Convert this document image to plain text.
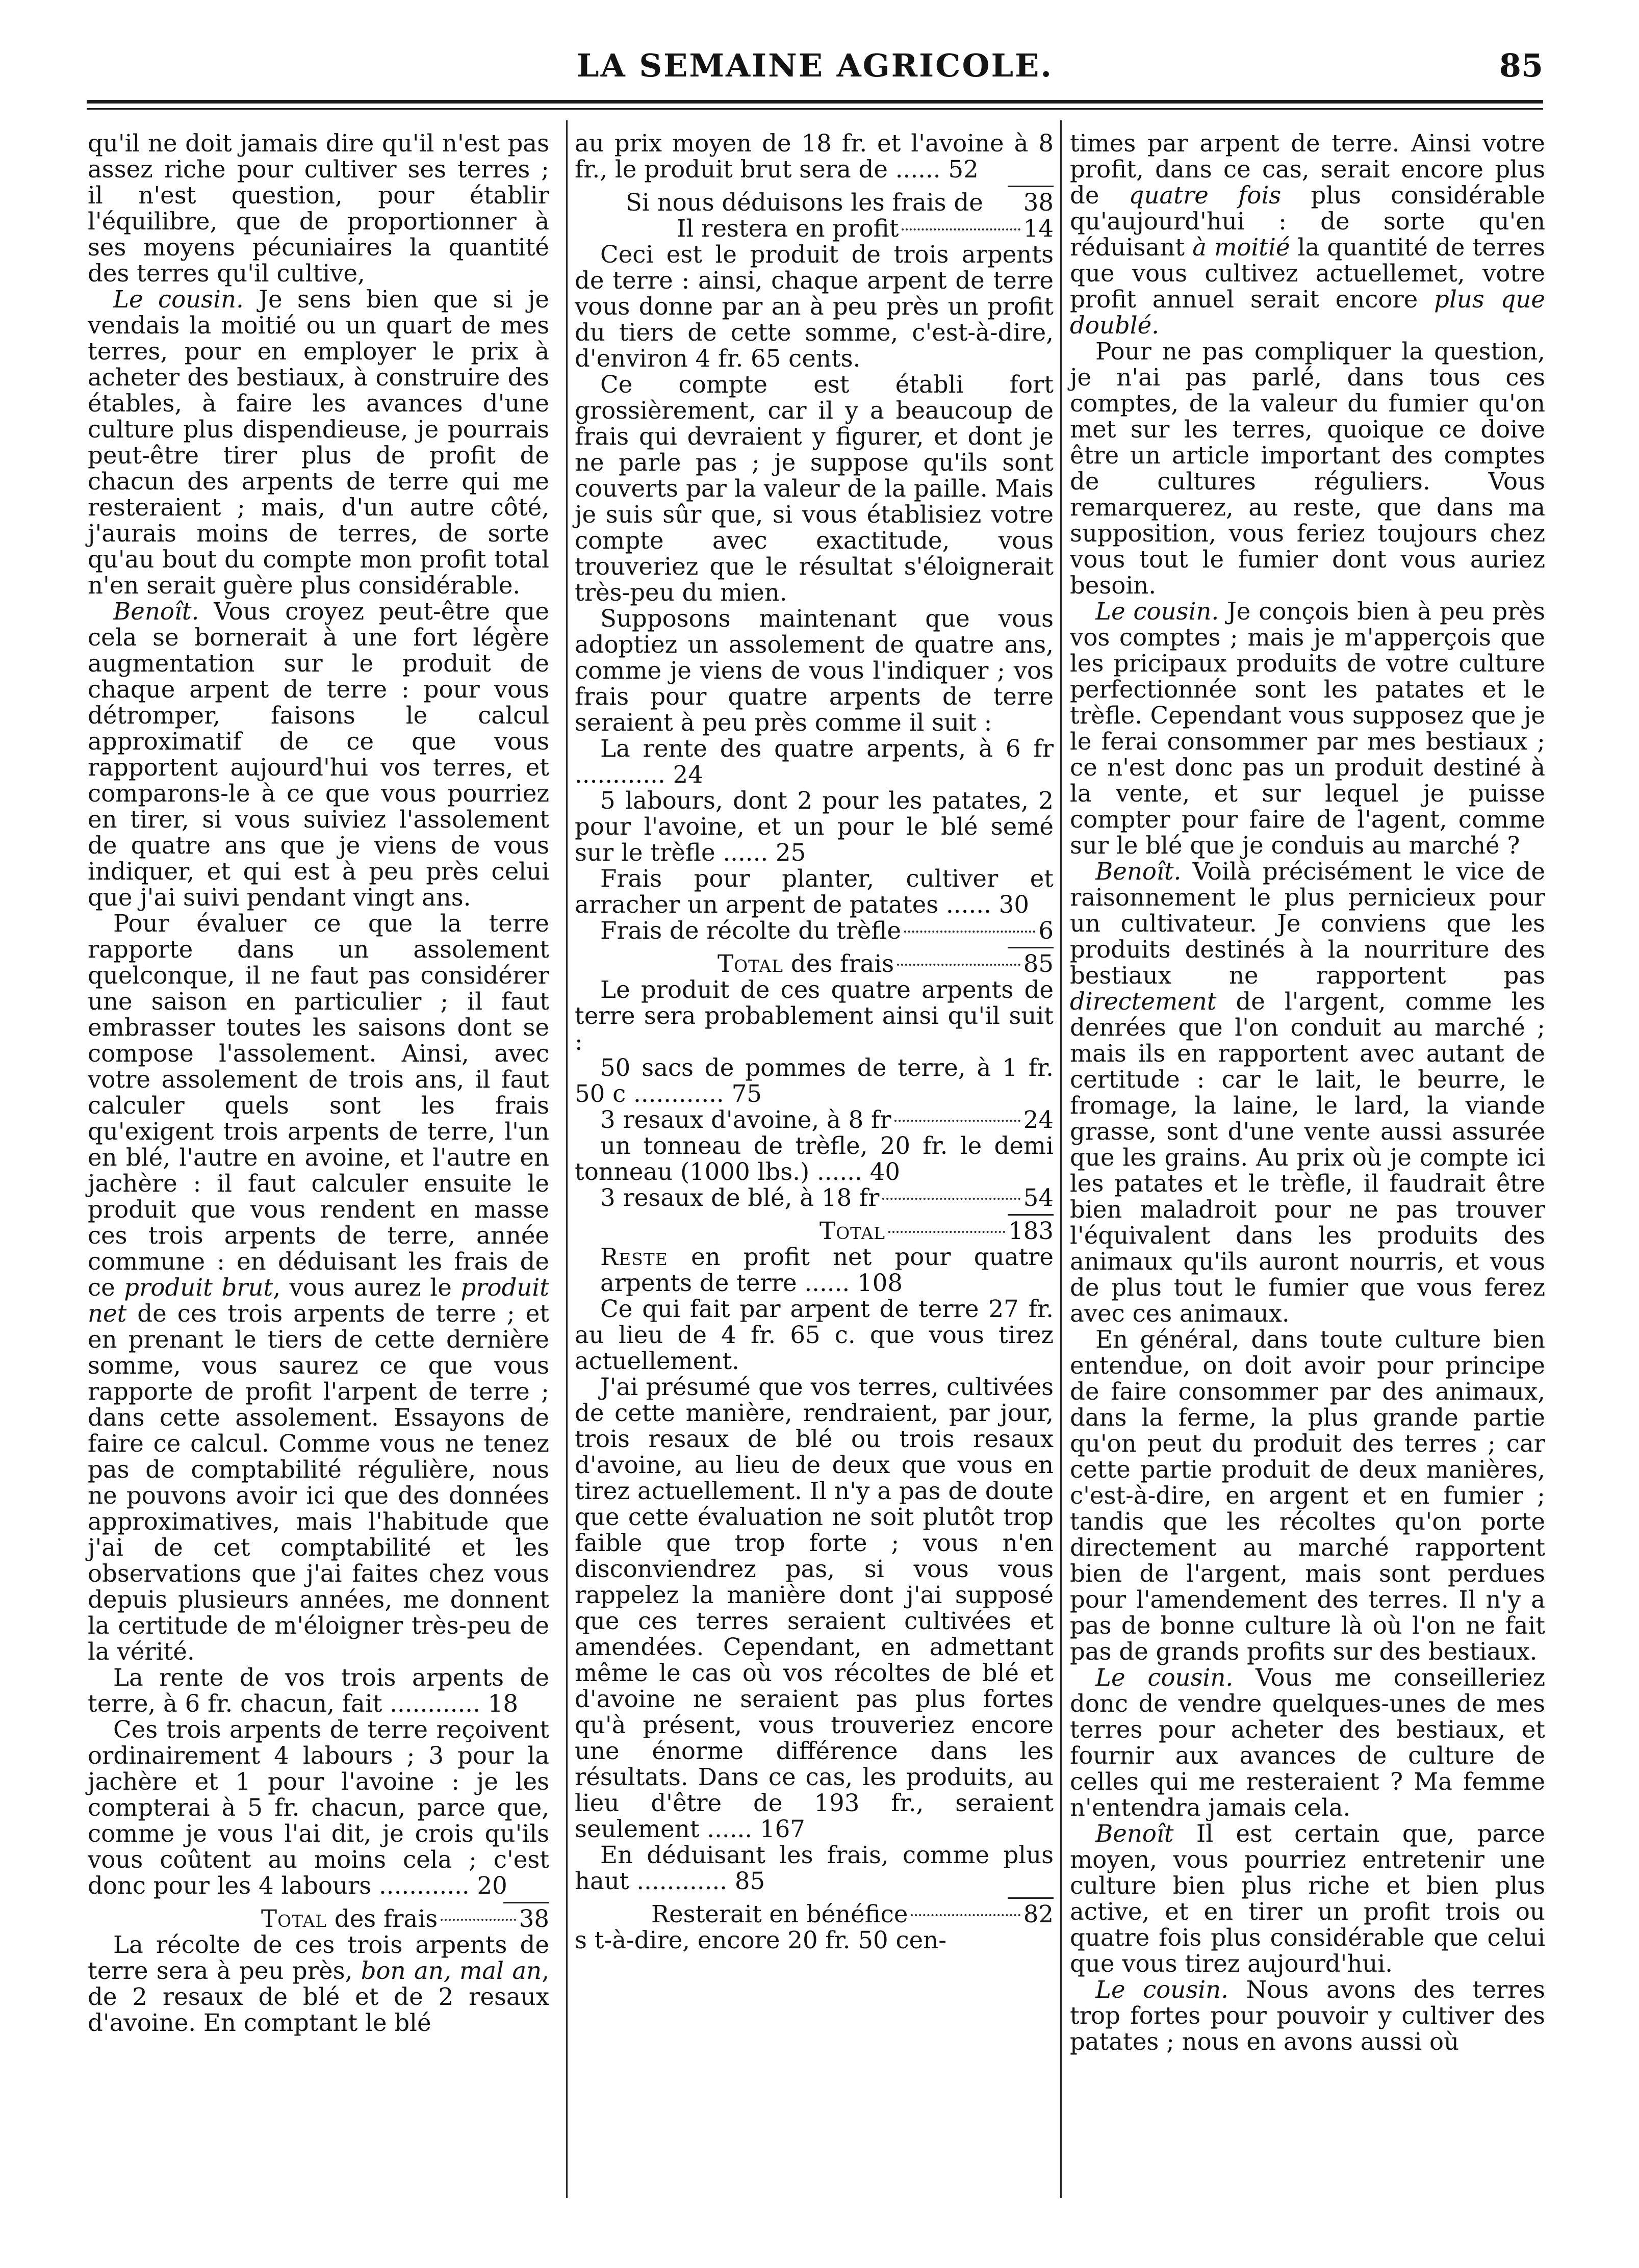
LA SEMAINE AGRICOLE.	85

qu'il ne doit jamais dire qu'il n'est pas assez riche pour cultiver ses terres ; il n'est question, pour établir l'équilibre, que de proportionner à ses moyens pécuniaires la quantité des terres qu'il cultive,

Le cousin. Je sens bien que si je vendais la moitié ou un quart de mes terres, pour en employer le prix à acheter des bestiaux, à construire des étables, à faire les avances d'une culture plus dispendieuse, je pourrais peut-être tirer plus de profit de chacun des arpents de terre qui me resteraient ; mais, d'un autre côté, j'aurais moins de terres, de sorte qu'au bout du compte mon profit total n'en serait guère plus considérable.

Benoît. Vous croyez peut-être que cela se bornerait à une fort légère augmentation sur le produit de chaque arpent de terre : pour vous détromper, faisons le calcul approximatif de ce que vous rapportent aujourd'hui vos terres, et comparons-le à ce que vous pourriez en tirer, si vous suiviez l'assolement de quatre ans que je viens de vous indiquer, et qui est à peu près celui que j'ai suivi pendant vingt ans.

Pour évaluer ce que la terre rapporte dans un assolement quelconque, il ne faut pas considérer une saison en particulier ; il faut embrasser toutes les saisons dont se compose l'assolement. Ainsi, avec votre assolement de trois ans, il faut calculer quels sont les frais qu'exigent trois arpents de terre, l'un en blé, l'autre en avoine, et l'autre en jachère : il faut calculer ensuite le produit que vous rendent en masse ces trois arpents de terre, année commune : en déduisant les frais de ce produit brut, vous aurez le produit net de ces trois arpents de terre ; et en prenant le tiers de cette dernière somme, vous saurez ce que vous rapporte de profit l'arpent de terre ; dans cette assolement. Essayons de faire ce calcul. Comme vous ne tenez pas de comptabilité régulière, nous ne pouvons avoir ici que des données approximatives, mais l'habitude que j'ai de cet comptabilité et les observations que j'ai faites chez vous depuis plusieurs années, me donnent la certitude de m'éloigner très-peu de la vérité.

La rente de vos trois arpents de terre, à 6 fr. chacun, fait ............ 18

Ces trois arpents de terre reçoivent ordinairement 4 labours ; 3 pour la jachère et 1 pour l'avoine : je les compterai à 5 fr. chacun, parce que, comme je vous l'ai dit, je crois qu'ils vous coûtent au moins cela ; c'est donc pour les 4 labours ............ 20

Total des frais	38

La récolte de ces trois arpents de terre sera à peu près, bon an, mal an, de 2 resaux de blé et de 2 resaux d'avoine. En comptant le blé

au prix moyen de 18 fr. et l'avoine à 8 fr., le produit brut sera de ...... 52

Si nous déduisons les frais de 38
Il restera en profit	14

Ceci est le produit de trois arpents de terre : ainsi, chaque arpent de terre vous donne par an à peu près un profit du tiers de cette somme, c'est-à-dire, d'environ 4 fr. 65 cents.

Ce compte est établi fort grossièrement, car il y a beaucoup de frais qui devraient y figurer, et dont je ne parle pas ; je suppose qu'ils sont couverts par la valeur de la paille. Mais je suis sûr que, si vous établisiez votre compte avec exactitude, vous trouveriez que le résultat s'éloignerait très-peu du mien.

Supposons maintenant que vous adoptiez un assolement de quatre ans, comme je viens de vous l'indiquer ; vos frais pour quatre arpents de terre seraient à peu près comme il suit :

La rente des quatre arpents, à 6 fr ............ 24

5 labours, dont 2 pour les patates, 2 pour l'avoine, et un pour le blé semé sur le trèfle ...... 25

Frais pour planter, cultiver et arracher un arpent de patates ...... 30

Frais de récolte du trèfle	6
Total des frais	85

Le produit de ces quatre arpents de terre sera probablement ainsi qu'il suit :

50 sacs de pommes de terre, à 1 fr. 50 c ............ 75

3 resaux d'avoine, à 8 fr	24

un tonneau de trèfle, 20 fr. le demi tonneau (1000 lbs.) ...... 40

3 resaux de blé, à 18 fr	54
Total	183

Reste en profit net pour quatre arpents de terre ...... 108

Ce qui fait par arpent de terre 27 fr. au lieu de 4 fr. 65 c. que vous tirez actuellement.

J'ai présumé que vos terres, cultivées de cette manière, rendraient, par jour, trois resaux de blé ou trois resaux d'avoine, au lieu de deux que vous en tirez actuellement. Il n'y a pas de doute que cette évaluation ne soit plutôt trop faible que trop forte ; vous n'en disconviendrez pas, si vous vous rappelez la manière dont j'ai supposé que ces terres seraient cultivées et amendées. Cependant, en admettant même le cas où vos récoltes de blé et d'avoine ne seraient pas plus fortes qu'à présent, vous trouveriez encore une énorme différence dans les résultats. Dans ce cas, les produits, au lieu d'être de 193 fr., seraient seulement ...... 167

En déduisant les frais, comme plus haut ............ 85

Resterait en bénéfice	82

s t-à-dire, encore 20 fr. 50 cen-

times par arpent de terre. Ainsi votre profit, dans ce cas, serait encore plus de quatre fois plus considérable qu'aujourd'hui : de sorte qu'en réduisant à moitié la quantité de terres que vous cultivez actuellemet, votre profit annuel serait encore plus que doublé.

Pour ne pas compliquer la question, je n'ai pas parlé, dans tous ces comptes, de la valeur du fumier qu'on met sur les terres, quoique ce doive être un article important des comptes de cultures réguliers. Vous remarquerez, au reste, que dans ma supposition, vous feriez toujours chez vous tout le fumier dont vous auriez besoin.

Le cousin. Je conçois bien à peu près vos comptes ; mais je m'apperçois que les pricipaux produits de votre culture perfectionnée sont les patates et le trèfle. Cependant vous supposez que je le ferai consommer par mes bestiaux ; ce n'est donc pas un produit destiné à la vente, et sur lequel je puisse compter pour faire de l'agent, comme sur le blé que je conduis au marché ?

Benoît. Voilà précisément le vice de raisonnement le plus pernicieux pour un cultivateur. Je conviens que les produits destinés à la nourriture des bestiaux ne rapportent pas directement de l'argent, comme les denrées que l'on conduit au marché ; mais ils en rapportent avec autant de certitude : car le lait, le beurre, le fromage, la laine, le lard, la viande grasse, sont d'une vente aussi assurée que les grains. Au prix où je compte ici les patates et le trèfle, il faudrait être bien maladroit pour ne pas trouver l'équivalent dans les produits des animaux qu'ils auront nourris, et vous de plus tout le fumier que vous ferez avec ces animaux.

En général, dans toute culture bien entendue, on doit avoir pour principe de faire consommer par des animaux, dans la ferme, la plus grande partie qu'on peut du produit des terres ; car cette partie produit de deux manières, c'est-à-dire, en argent et en fumier ; tandis que les récoltes qu'on porte directement au marché rapportent bien de l'argent, mais sont perdues pour l'amendement des terres. Il n'y a pas de bonne culture là où l'on ne fait pas de grands profits sur des bestiaux.

Le cousin. Vous me conseilleriez donc de vendre quelques-unes de mes terres pour acheter des bestiaux, et fournir aux avances de culture de celles qui me resteraient ? Ma femme n'entendra jamais cela.

Benoît Il est certain que, parce moyen, vous pourriez entretenir une culture bien plus riche et bien plus active, et en tirer un profit trois ou quatre fois plus considérable que celui que vous tirez aujourd'hui.

Le cousin. Nous avons des terres trop fortes pour pouvoir y cultiver des patates ; nous en avons aussi où
